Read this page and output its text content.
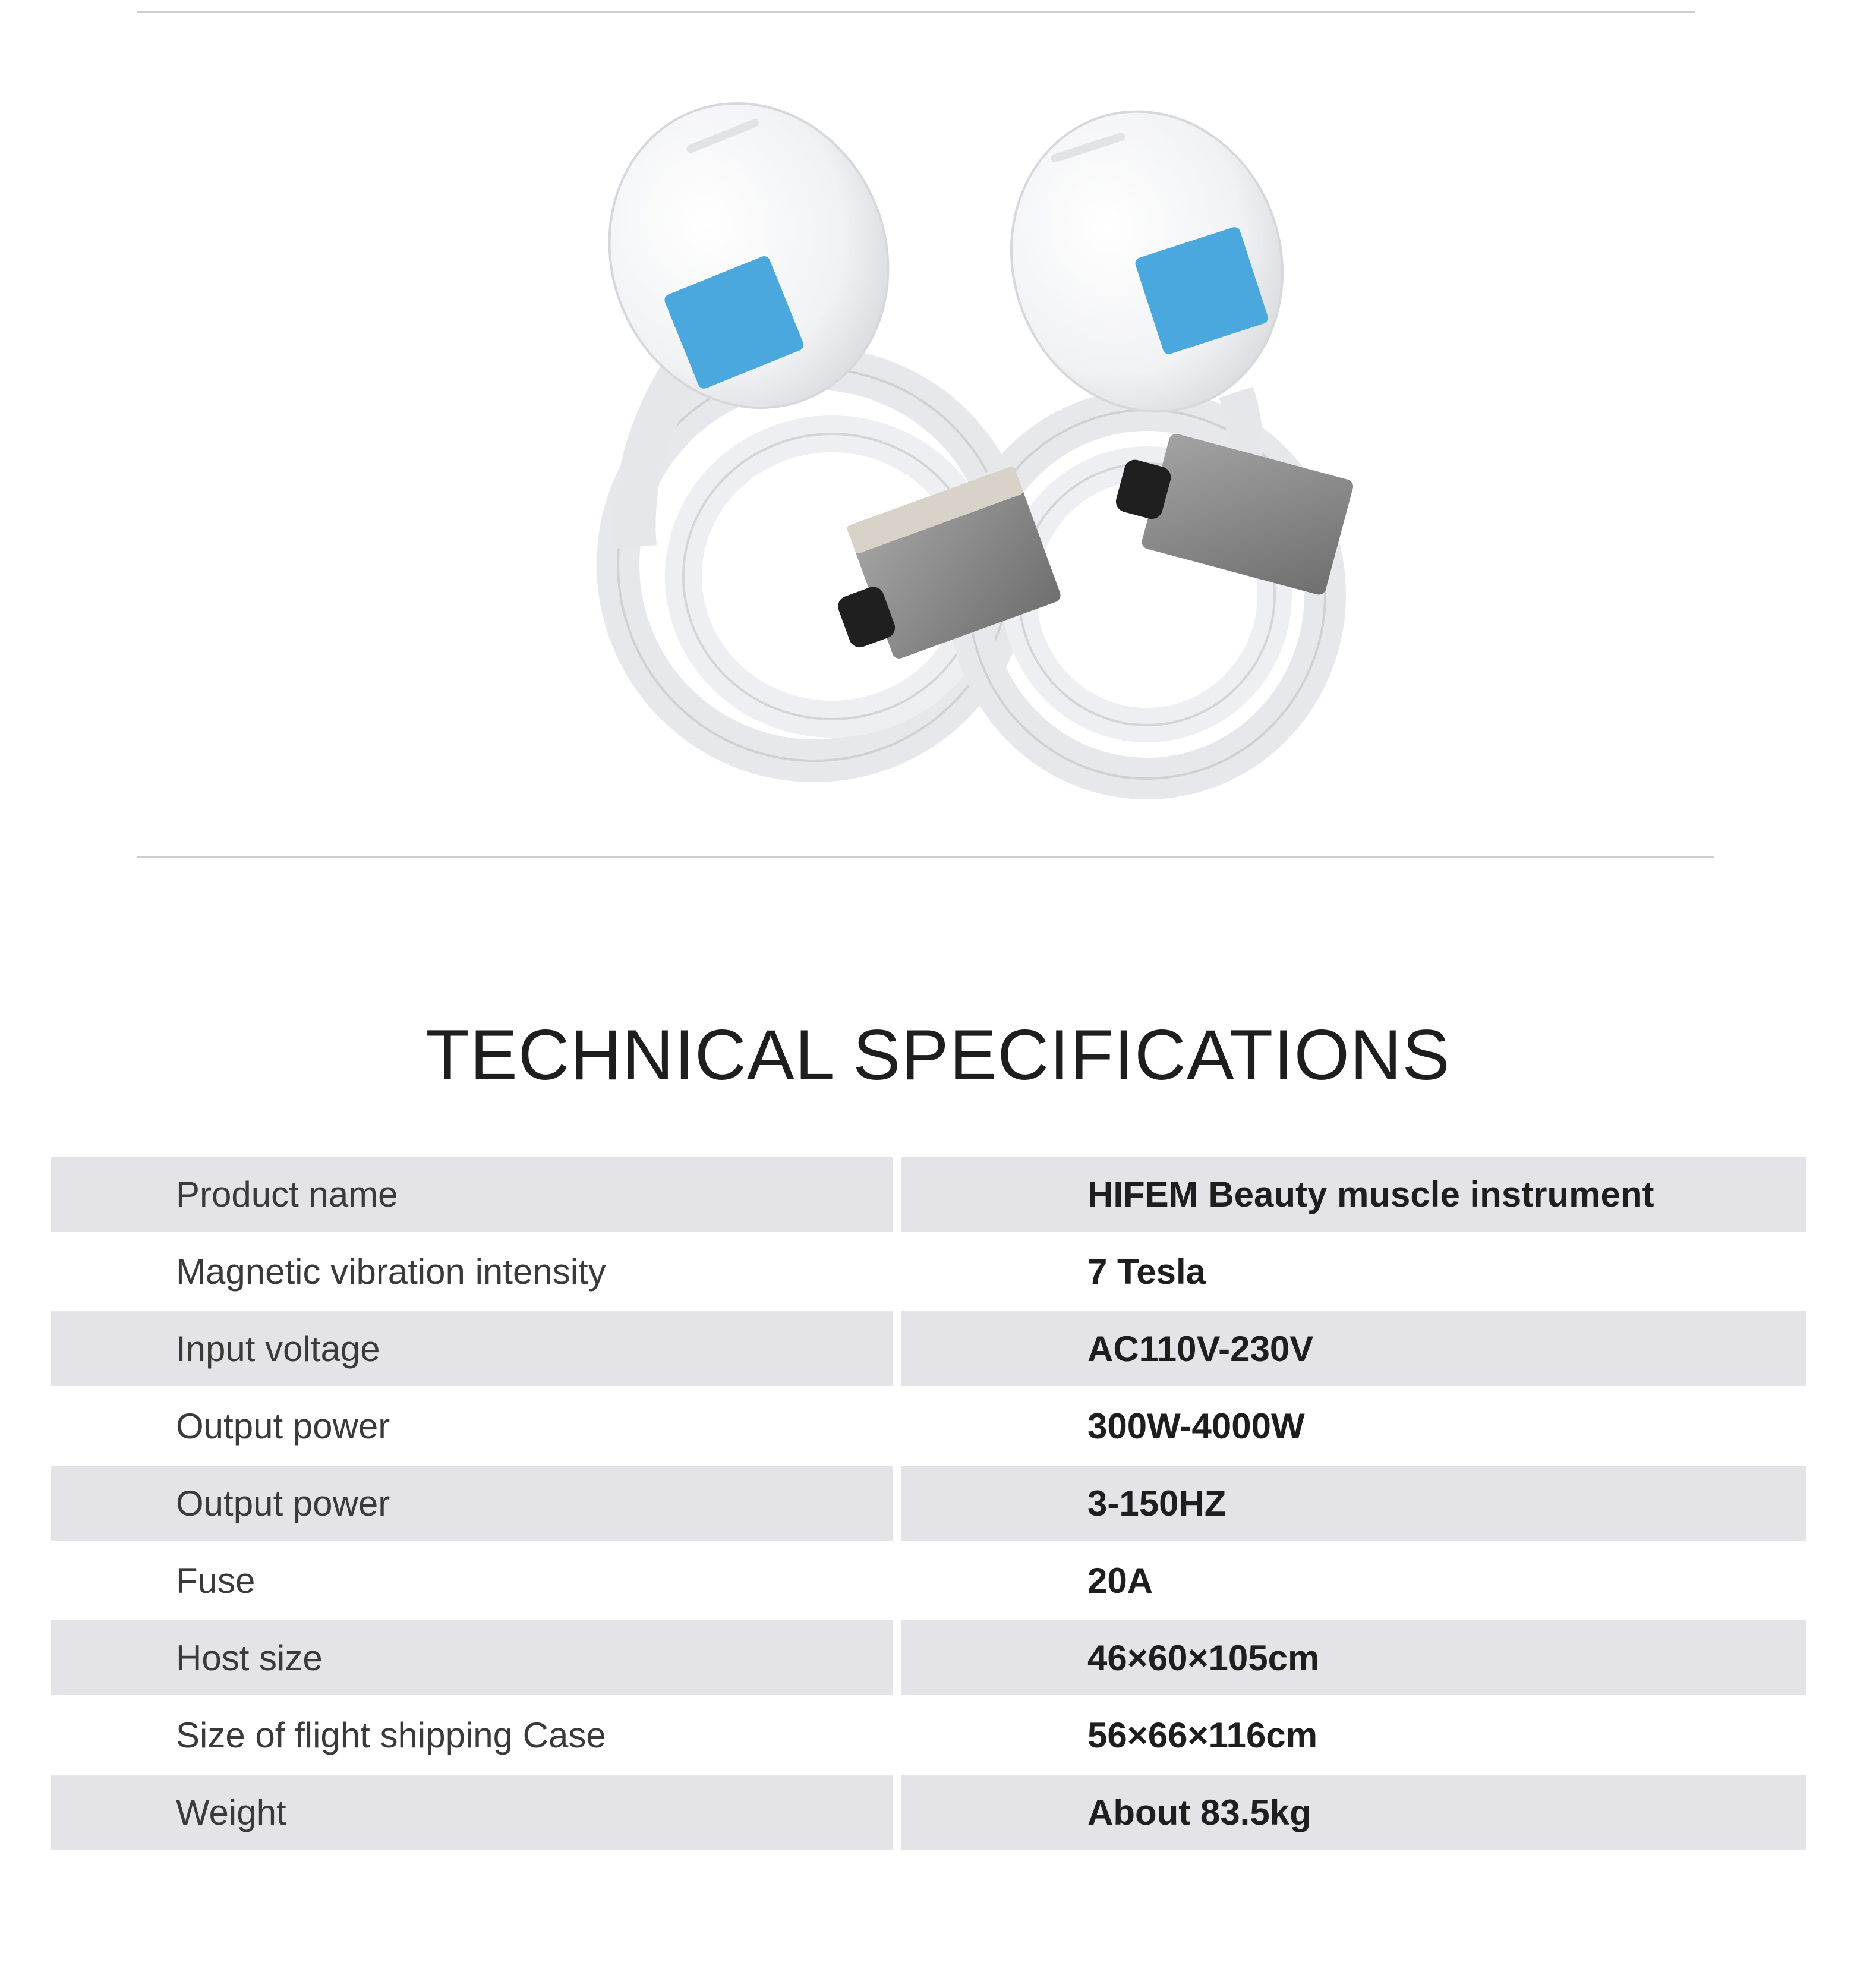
TECHNICAL SPECIFICATIONS
Product name	HIFEM Beauty muscle instrument
Magnetic vibration intensity	7 Tesla
Input voltage	AC110V-230V
Output power	300W-4000W
Output power	3-150HZ
Fuse	20A
Host size	46×60×105cm
Size of flight shipping Case	56×66×116cm
Weight	About 83.5kg
